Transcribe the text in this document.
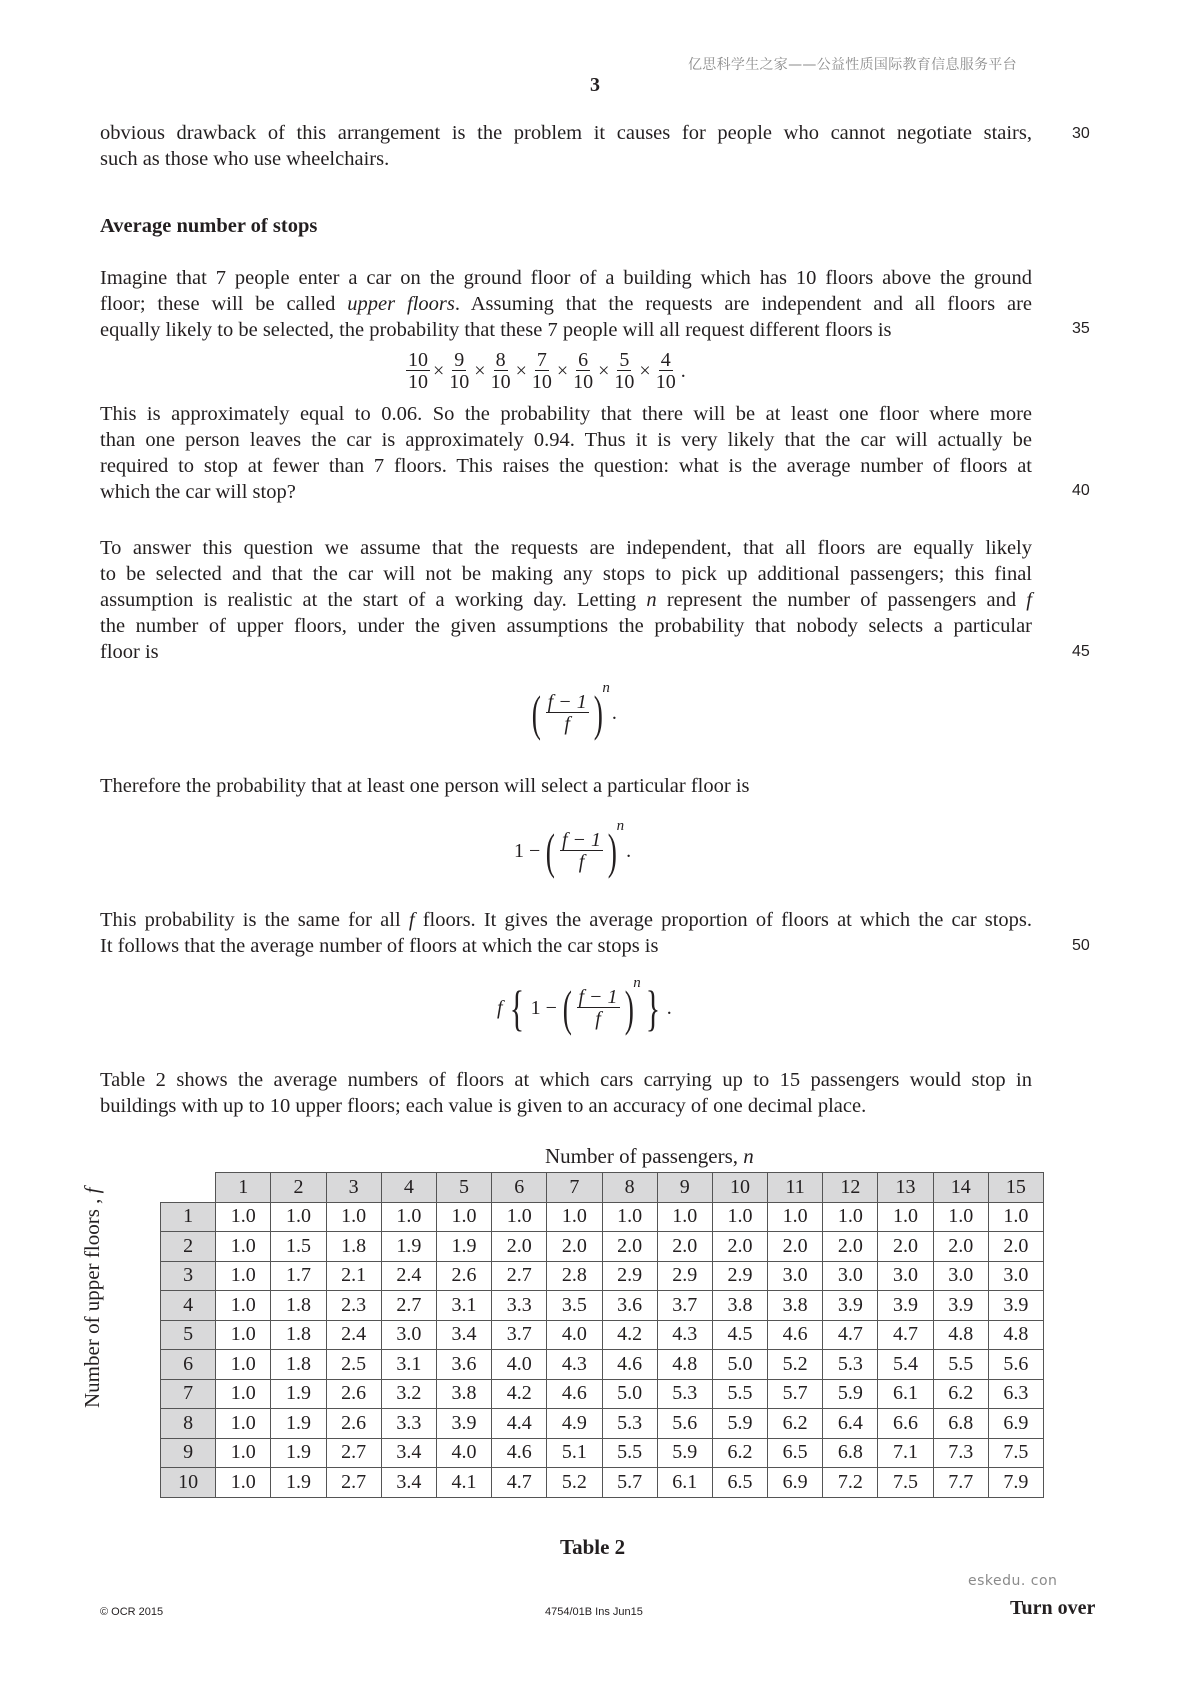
亿思科学生之家——公益性质国际教育信息服务平台
3
obvious drawback of this arrangement is the problem it causes for people who cannot negotiate stairs,
such as those who use wheelchairs.
30
Average number of stops
Imagine that 7 people enter a car on the ground floor of a building which has 10 floors above the ground
floor; these will be called upper floors. Assuming that the requests are independent and all floors are
equally likely to be selected, the probability that these 7 people will all request different floors is	35
$\frac{10}{10} \times \frac{9}{10} \times \frac{8}{10} \times \frac{7}{10} \times \frac{6}{10} \times \frac{5}{10} \times \frac{4}{10}$ .
This is approximately equal to 0.06. So the probability that there will be at least one floor where more
than one person leaves the car is approximately 0.94. Thus it is very likely that the car will actually be
required to stop at fewer than 7 floors. This raises the question: what is the average number of floors at
which the car will stop?	40
To answer this question we assume that the requests are independent, that all floors are equally likely
to be selected and that the car will not be making any stops to pick up additional passengers; this final
assumption is realistic at the start of a working day. Letting n represent the number of passengers and f
the number of upper floors, under the given assumptions the probability that nobody selects a particular
floor is	45
( $\frac{f - 1}{f} )^n$.
Therefore the probability that at least one person will select a particular floor is
1 − ( $\frac{f - 1}{f} )^n$.
This probability is the same for all f floors. It gives the average proportion of floors at which the car stops.
It follows that the average number of floors at which the car stops is	50
f { 1 − ( $\frac{f - 1}{f} )^n$} .
Table 2 shows the average numbers of floors at which cars carrying up to 15 passengers would stop in
buildings with up to 10 upper floors; each value is given to an accuracy of one decimal place.
Number of passengers, n
Number of upper floors , f
		1	2	3	4	5	6	7	8	9	10	11	12	13	14	15
1	1.0	1.0	1.0	1.0	1.0	1.0	1.0	1.0	1.0	1.0	1.0	1.0	1.0	1.0	1.0
2	1.0	1.5	1.8	1.9	1.9	2.0	2.0	2.0	2.0	2.0	2.0	2.0	2.0	2.0	2.0
3	1.0	1.7	2.1	2.4	2.6	2.7	2.8	2.9	2.9	2.9	3.0	3.0	3.0	3.0	3.0
4	1.0	1.8	2.3	2.7	3.1	3.3	3.5	3.6	3.7	3.8	3.8	3.9	3.9	3.9	3.9
5	1.0	1.8	2.4	3.0	3.4	3.7	4.0	4.2	4.3	4.5	4.6	4.7	4.7	4.8	4.8
6	1.0	1.8	2.5	3.1	3.6	4.0	4.3	4.6	4.8	5.0	5.2	5.3	5.4	5.5	5.6
7	1.0	1.9	2.6	3.2	3.8	4.2	4.6	5.0	5.3	5.5	5.7	5.9	6.1	6.2	6.3
8	1.0	1.9	2.6	3.3	3.9	4.4	4.9	5.3	5.6	5.9	6.2	6.4	6.6	6.8	6.9
9	1.0	1.9	2.7	3.4	4.0	4.6	5.1	5.5	5.9	6.2	6.5	6.8	7.1	7.3	7.5
10	1.0	1.9	2.7	3.4	4.1	4.7	5.2	5.7	6.1	6.5	6.9	7.2	7.5	7.7	7.9
Table 2
eskedu. con
© OCR 2015	4754/01B Ins Jun15	Turn over
